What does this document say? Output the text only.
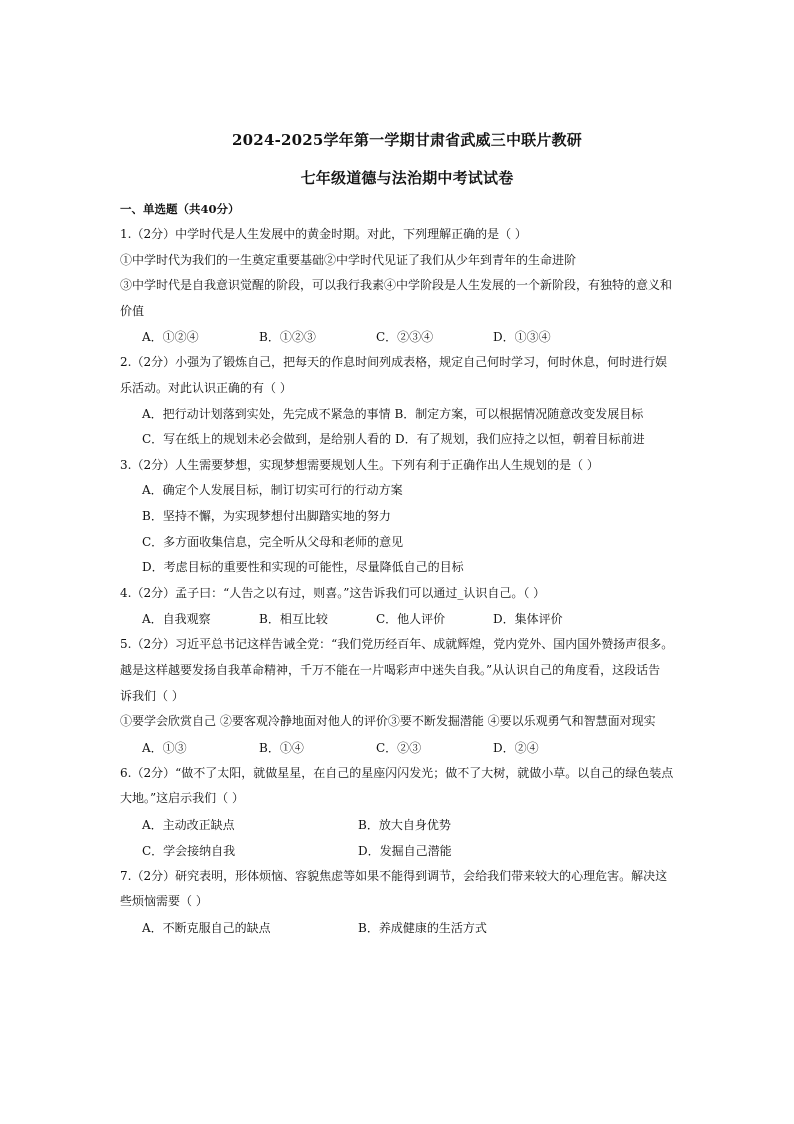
2024-2025学年第一学期甘肃省武威三中联片教研
七年级道德与法治期中考试试卷
一、单选题（共40分）
1.（2分）中学时代是人生发展中的黄金时期。对此，下列理解正确的是（ ）
①中学时代为我们的一生奠定重要基础②中学时代见证了我们从少年到青年的生命进阶
③中学时代是自我意识觉醒的阶段，可以我行我素④中学阶段是人生发展的一个新阶段，有独特的意义和
价值
A．①②④	B．①②③	C．②③④	D．①③④
2.（2分）小强为了锻炼自己，把每天的作息时间列成表格，规定自己何时学习，何时休息，何时进行娱
乐活动。对此认识正确的有（ ）
A．把行动计划落到实处，先完成不紧急的事情 B．制定方案，可以根据情况随意改变发展目标
C．写在纸上的规划未必会做到，是给别人看的 D．有了规划，我们应持之以恒，朝着目标前进
3.（2分）人生需要梦想，实现梦想需要规划人生。下列有利于正确作出人生规划的是（ ）
A．确定个人发展目标，制订切实可行的行动方案
B．坚持不懈，为实现梦想付出脚踏实地的努力
C．多方面收集信息，完全听从父母和老师的意见
D．考虑目标的重要性和实现的可能性，尽量降低自己的目标
4.（2分）孟子曰：“人告之以有过，则喜。”这告诉我们可以通过_认识自己。（ ）
A．自我观察	B．相互比较	C．他人评价	D．集体评价
5.（2分）习近平总书记这样告诫全党：“我们党历经百年、成就辉煌，党内党外、国内国外赞扬声很多。
越是这样越要发扬自我革命精神，千万不能在一片喝彩声中迷失自我。”从认识自己的角度看，这段话告
诉我们（ ）
①要学会欣赏自己 ②要客观冷静地面对他人的评价③要不断发掘潜能 ④要以乐观勇气和智慧面对现实
A．①③	B．①④	C．②③	D．②④
6.（2分）“做不了太阳，就做星星，在自己的星座闪闪发光；做不了大树，就做小草。以自己的绿色装点
大地。”这启示我们（ ）
A．主动改正缺点	B．放大自身优势
C．学会接纳自我	D．发掘自己潜能
7.（2分）研究表明，形体烦恼、容貌焦虑等如果不能得到调节，会给我们带来较大的心理危害。解决这
些烦恼需要（ ）
A．不断克服自己的缺点	B．养成健康的生活方式
